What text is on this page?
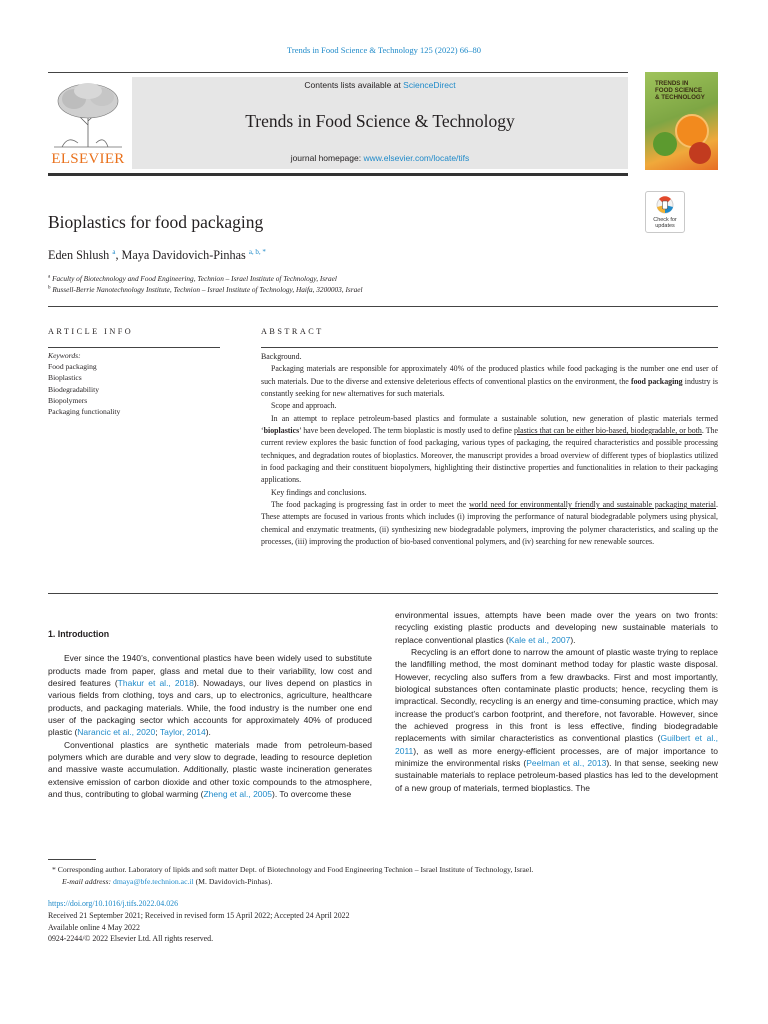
Trends in Food Science & Technology 125 (2022) 66–80
ELSEVIER
Contents lists available at ScienceDirect
Trends in Food Science & Technology
journal homepage: www.elsevier.com/locate/tifs
TRENDS IN
FOOD SCIENCE
& TECHNOLOGY
Check for
updates
Bioplastics for food packaging
Eden Shlush $^a$, Maya Davidovich-Pinhas $^{a, b, *}$
$^a$ Faculty of Biotechnology and Food Engineering, Technion – Israel Institute of Technology, Israel
$^b$ Russell-Berrie Nanotechnology Institute, Technion – Israel Institute of Technology, Haifa, 3200003, Israel
ARTICLE INFO	ABSTRACT
Keywords:
Food packaging
Bioplastics
Biodegradability
Biopolymers
Packaging functionality

Background.

Packaging materials are responsible for approximately 40% of the produced plastics while food packaging is the number one end user of such materials. Due to the diverse and extensive deleterious effects of conventional plastics on the environment, the food packaging industry is constantly seeking for new alternatives for such materials.

Scope and approach.

In an attempt to replace petroleum-based plastics and formulate a sustainable solution, new generation of plastic materials termed ‘bioplastics’ have been developed. The term bioplastic is mostly used to define plastics that can be either bio-based, biodegradable, or both. The current review explores the basic function of food packaging, various types of packaging, the required characteristics and possible processing techniques, and degradation routes of bioplastics. Moreover, the manuscript provides a broad overview of different types of bioplastics utilized in food packaging and their constituent biopolymers, highlighting their distinctive properties and functionalities in relation to their packaging applications.

Key findings and conclusions.

The food packaging is progressing fast in order to meet the world need for environmentally friendly and sustainable packaging material. These attempts are focused in various fronts which includes (i) improving the performance of natural biodegradable polymers using physical, chemical and enzymatic treatments, (ii) synthesizing new biodegradable polymers, improving the polymer characteristics, and scaling up the processes, (iii) improving the production of bio-based conventional polymers, and (iv) searching for new renewable sources.

1. Introduction

Ever since the 1940’s, conventional plastics have been widely used to substitute products made from paper, glass and metal due to their variability, low cost and desired features (Thakur et al., 2018). Nowadays, our lives depend on plastics in various fields from clothing, toys and cars, up to electronics, agriculture, healthcare products, and packaging materials. While, the food industry is the number one end user of the packaging sector which accounts for approximately 40% of produced plastic (Narancic et al., 2020; Taylor, 2014).

Conventional plastics are synthetic materials made from petroleum-based polymers which are durable and very slow to degrade, leading to resource depletion and massive waste accumulation. Additionally, plastic waste incineration generates extensive emission of carbon dioxide and other toxic compounds to the atmosphere, and thus, contributing to global warming (Zheng et al., 2005). To overcome these

environmental issues, attempts have been made over the years on two fronts: recycling existing plastic products and developing new sustainable materials to replace conventional plastics (Kale et al., 2007).

Recycling is an effort done to narrow the amount of plastic waste trying to replace the landfilling method, the most dominant method today for plastic waste disposal. However, recycling also suffers from a few drawbacks. First and most importantly, biological substances often contaminate plastic products; hence, recycling them is impractical. Secondly, recycling is an energy and time-consuming practice, which may increase the product’s carbon footprint, and therefore, not favorable. However, since the achieved progress in this front is less effective, finding biodegradable replacements with similar characteristics as conventional plastics (Guilbert et al., 2011), as well as more energy-efficient processes, are of major importance to minimize the environmental risks (Peelman et al., 2013). In that sense, seeking new sustainable materials to replace petroleum-based plastics has led to the development of a new group of materials, termed bioplastics. The

* Corresponding author. Laboratory of lipids and soft matter Dept. of Biotechnology and Food Engineering Technion – Israel Institute of Technology, Israel.
E-mail address: dmaya@bfe.technion.ac.il (M. Davidovich-Pinhas).
https://doi.org/10.1016/j.tifs.2022.04.026
Received 21 September 2021; Received in revised form 15 April 2022; Accepted 24 April 2022
Available online 4 May 2022
0924-2244/© 2022 Elsevier Ltd. All rights reserved.
